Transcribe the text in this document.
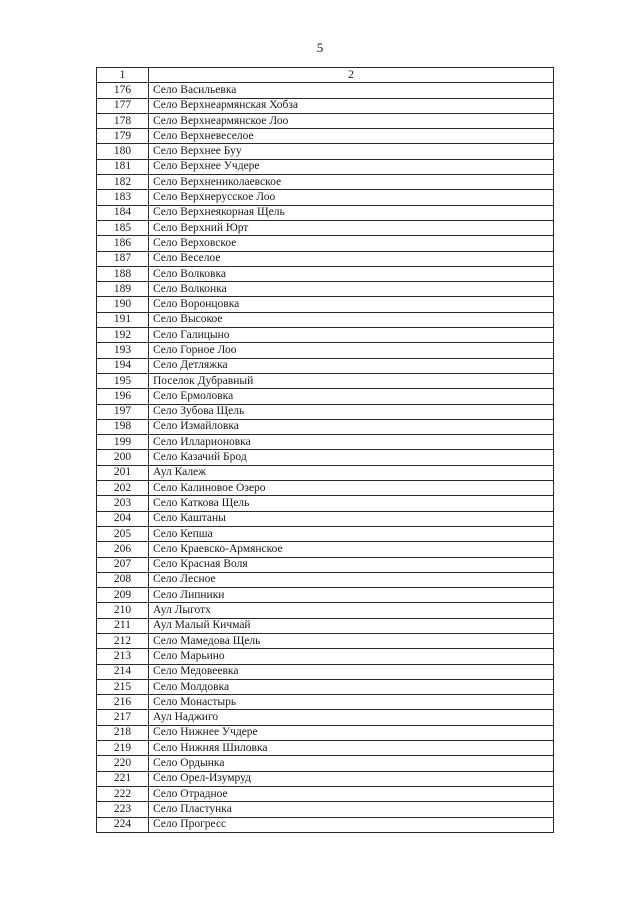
5
1	2
176	Село Васильевка
177	Село Верхнеармянская Хобза
178	Село Верхнеармянское Лоо
179	Село Верхневеселое
180	Село Верхнее Буу
181	Село Верхнее Учдере
182	Село Верхнениколаевское
183	Село Верхнерусское Лоо
184	Село Верхнеякорная Щель
185	Село Верхний Юрт
186	Село Верховское
187	Село Веселое
188	Село Волковка
189	Село Волконка
190	Село Воронцовка
191	Село Высокое
192	Село Галицыно
193	Село Горное Лоо
194	Село Детляжка
195	Поселок Дубравный
196	Село Ермоловка
197	Село Зубова Щель
198	Село Измайловка
199	Село Илларионовка
200	Село Казачий Брод
201	Аул Калеж
202	Село Калиновое Озеро
203	Село Каткова Щель
204	Село Каштаны
205	Село Кепша
206	Село Краевско-Армянское
207	Село Красная Воля
208	Село Лесное
209	Село Липники
210	Аул Лыготх
211	Аул Малый Кичмай
212	Село Мамедова Щель
213	Село Марьино
214	Село Медовеевка
215	Село Молдовка
216	Село Монастырь
217	Аул Наджиго
218	Село Нижнее Учдере
219	Село Нижняя Шиловка
220	Село Ордынка
221	Село Орел-Изумруд
222	Село Отрадное
223	Село Пластунка
224	Село Прогресс
